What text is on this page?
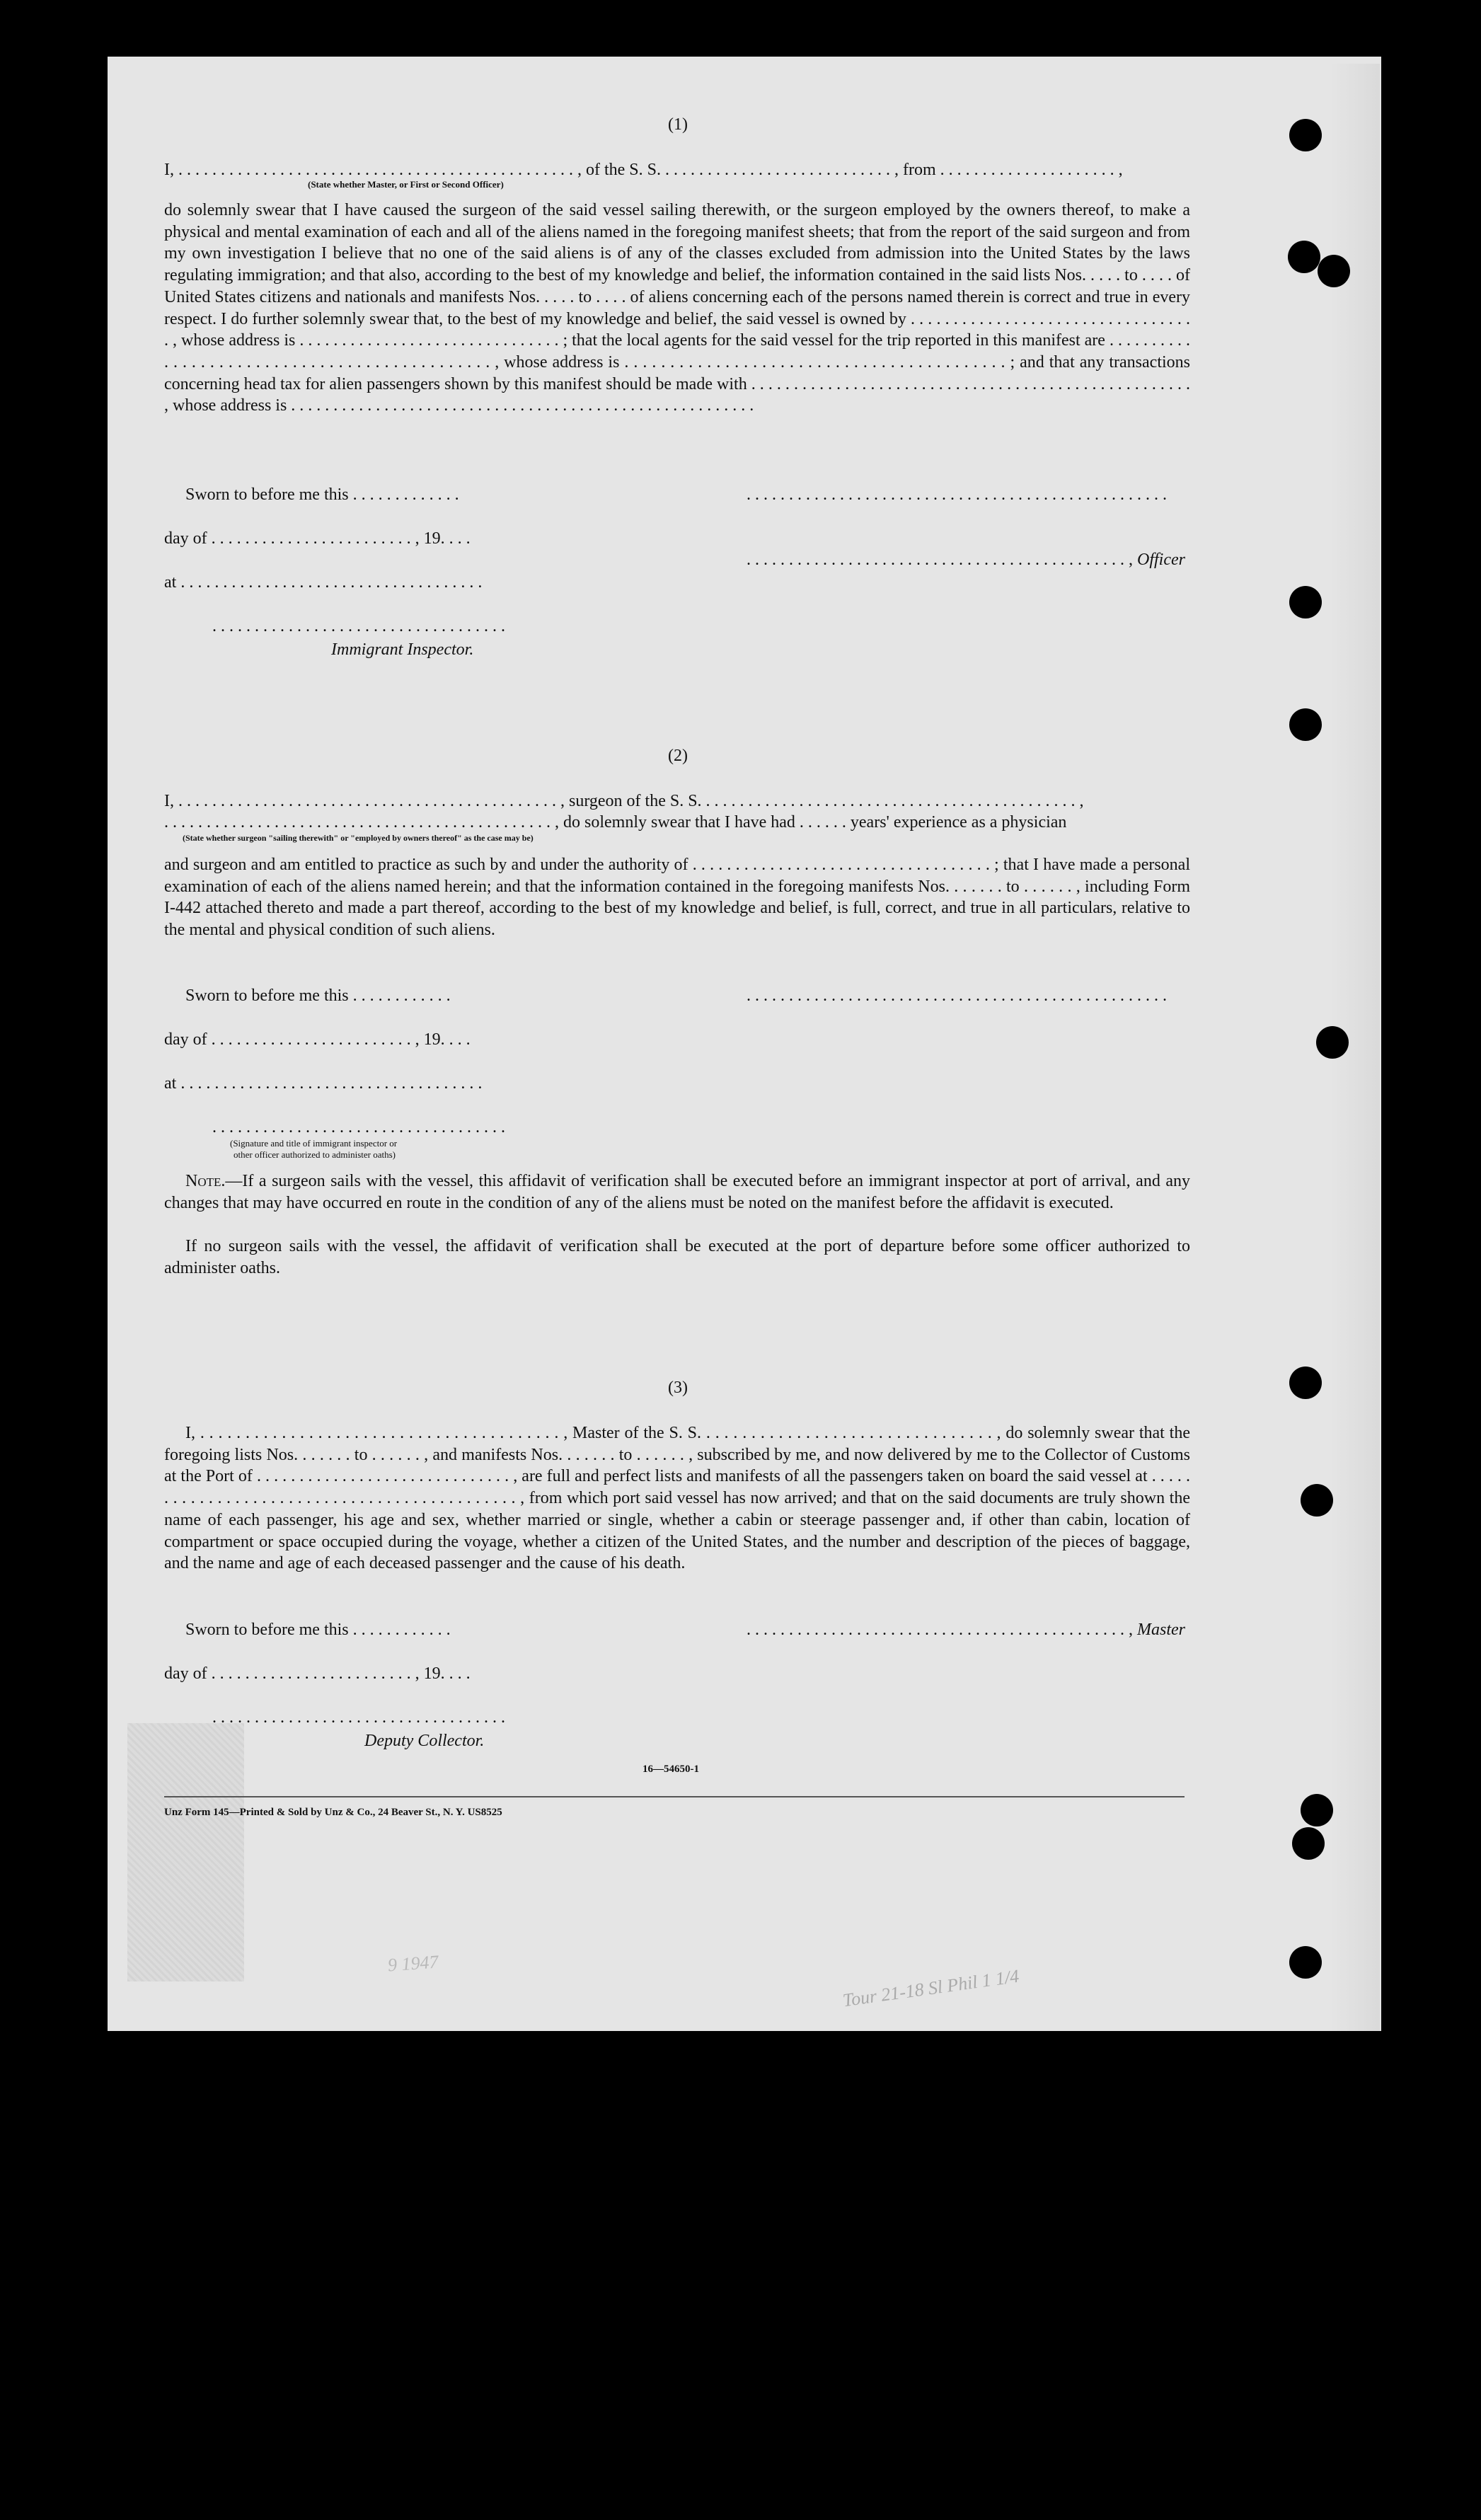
(1)
I, . . . . . . . . . . . . . . . . . . . . . . . . . . . . . . . . . . . . . . . . . . . . . . . , of the S. S. . . . . . . . . . . . . . . . . . . . . . . . . . . . , from . . . . . . . . . . . . . . . . . . . . . ,
(State whether Master, or First or Second Officer)
do solemnly swear that I have caused the surgeon of the said vessel sailing therewith, or the surgeon employed by the owners thereof, to make a physical and mental examination of each and all of the aliens named in the foregoing manifest sheets; that from the report of the said surgeon and from my own investigation I believe that no one of the said aliens is of any of the classes excluded from admission into the United States by the laws regulating immigration; and that also, according to the best of my knowledge and belief, the information contained in the said lists Nos. . . . . to . . . . of United States citizens and nationals and manifests Nos. . . . . to . . . . of aliens concerning each of the persons named therein is correct and true in every respect. I do further solemnly swear that, to the best of my knowledge and belief, the said vessel is owned by . . . . . . . . . . . . . . . . . . . . . . . . . . . . . . . . . . , whose address is . . . . . . . . . . . . . . . . . . . . . . . . . . . . . . . ; that the local agents for the said vessel for the trip reported in this manifest are . . . . . . . . . . . . . . . . . . . . . . . . . . . . . . . . . . . . . . . . . . . . . . , whose address is . . . . . . . . . . . . . . . . . . . . . . . . . . . . . . . . . . . . . . . . . . ; and that any transactions concerning head tax for alien passengers shown by this manifest should be made with . . . . . . . . . . . . . . . . . . . . . . . . . . . . . . . . . . . . . . . . . . . . . . . . . . . . , whose address is . . . . . . . . . . . . . . . . . . . . . . . . . . . . . . . . . . . . . . . . . . . . . . . . . . . . . . .
Sworn to before me this . . . . . . . . . . . . .	. . . . . . . . . . . . . . . . . . . . . . . . . . . . . . . . . . . . . . . . . . . . . . . . . .
day of . . . . . . . . . . . . . . . . . . . . . . . . , 19. . . .
. . . . . . . . . . . . . . . . . . . . . . . . . . . . . . . . . . . . . . . . . . . . . , Officer
at . . . . . . . . . . . . . . . . . . . . . . . . . . . . . . . . . . . .
. . . . . . . . . . . . . . . . . . . . . . . . . . . . . . . . . . .
Immigrant Inspector.
(2)
I, . . . . . . . . . . . . . . . . . . . . . . . . . . . . . . . . . . . . . . . . . . . . . , surgeon of the S. S. . . . . . . . . . . . . . . . . . . . . . . . . . . . . . . . . . . . . . . . . . . . . ,
. . . . . . . . . . . . . . . . . . . . . . . . . . . . . . . . . . . . . . . . . . . . . . , do solemnly swear that I have had . . . . . . years' experience as a physician
(State whether surgeon "sailing therewith" or "employed by owners thereof" as the case may be)
and surgeon and am entitled to practice as such by and under the authority of . . . . . . . . . . . . . . . . . . . . . . . . . . . . . . . . . . . ; that I have made a personal examination of each of the aliens named herein; and that the information contained in the foregoing manifests Nos. . . . . . . to . . . . . . , including Form I-442 attached thereto and made a part thereof, according to the best of my knowledge and belief, is full, correct, and true in all particulars, relative to the mental and physical condition of such aliens.
Sworn to before me this . . . . . . . . . . . .	. . . . . . . . . . . . . . . . . . . . . . . . . . . . . . . . . . . . . . . . . . . . . . . . . .
day of . . . . . . . . . . . . . . . . . . . . . . . . , 19. . . .
at . . . . . . . . . . . . . . . . . . . . . . . . . . . . . . . . . . . .
. . . . . . . . . . . . . . . . . . . . . . . . . . . . . . . . . . .
(Signature and title of immigrant inspector or
other officer authorized to administer oaths)
Note.—If a surgeon sails with the vessel, this affidavit of verification shall be executed before an immigrant inspector at port of arrival, and any changes that may have occurred en route in the condition of any of the aliens must be noted on the manifest before the affidavit is executed.
If no surgeon sails with the vessel, the affidavit of verification shall be executed at the port of departure before some officer authorized to administer oaths.
(3)
I, . . . . . . . . . . . . . . . . . . . . . . . . . . . . . . . . . . . . . . . . , Master of the S. S. . . . . . . . . . . . . . . . . . . . . . . . . . . . . . . . . , do solemnly swear that the foregoing lists Nos. . . . . . . to . . . . . . , and manifests Nos. . . . . . . to . . . . . . , subscribed by me, and now delivered by me to the Collector of Customs at the Port of . . . . . . . . . . . . . . . . . . . . . . . . . . . . . . , are full and perfect lists and manifests of all the passengers taken on board the said vessel at . . . . . . . . . . . . . . . . . . . . . . . . . . . . . . . . . . . . . . . . . . . . . , from which port said vessel has now arrived; and that on the said documents are truly shown the name of each passenger, his age and sex, whether married or single, whether a cabin or steerage passenger and, if other than cabin, location of compartment or space occupied during the voyage, whether a citizen of the United States, and the number and description of the pieces of baggage, and the name and age of each deceased passenger and the cause of his death.
Sworn to before me this . . . . . . . . . . . .	. . . . . . . . . . . . . . . . . . . . . . . . . . . . . . . . . . . . . . . . . . . . . , Master
day of . . . . . . . . . . . . . . . . . . . . . . . . , 19. . . .
. . . . . . . . . . . . . . . . . . . . . . . . . . . . . . . . . . .
Deputy Collector.
16—54650-1
Unz Form 145—Printed & Sold by Unz & Co., 24 Beaver St., N. Y. US8525
9 1947
Tour 21-18 Sl Phil 1 1/4
